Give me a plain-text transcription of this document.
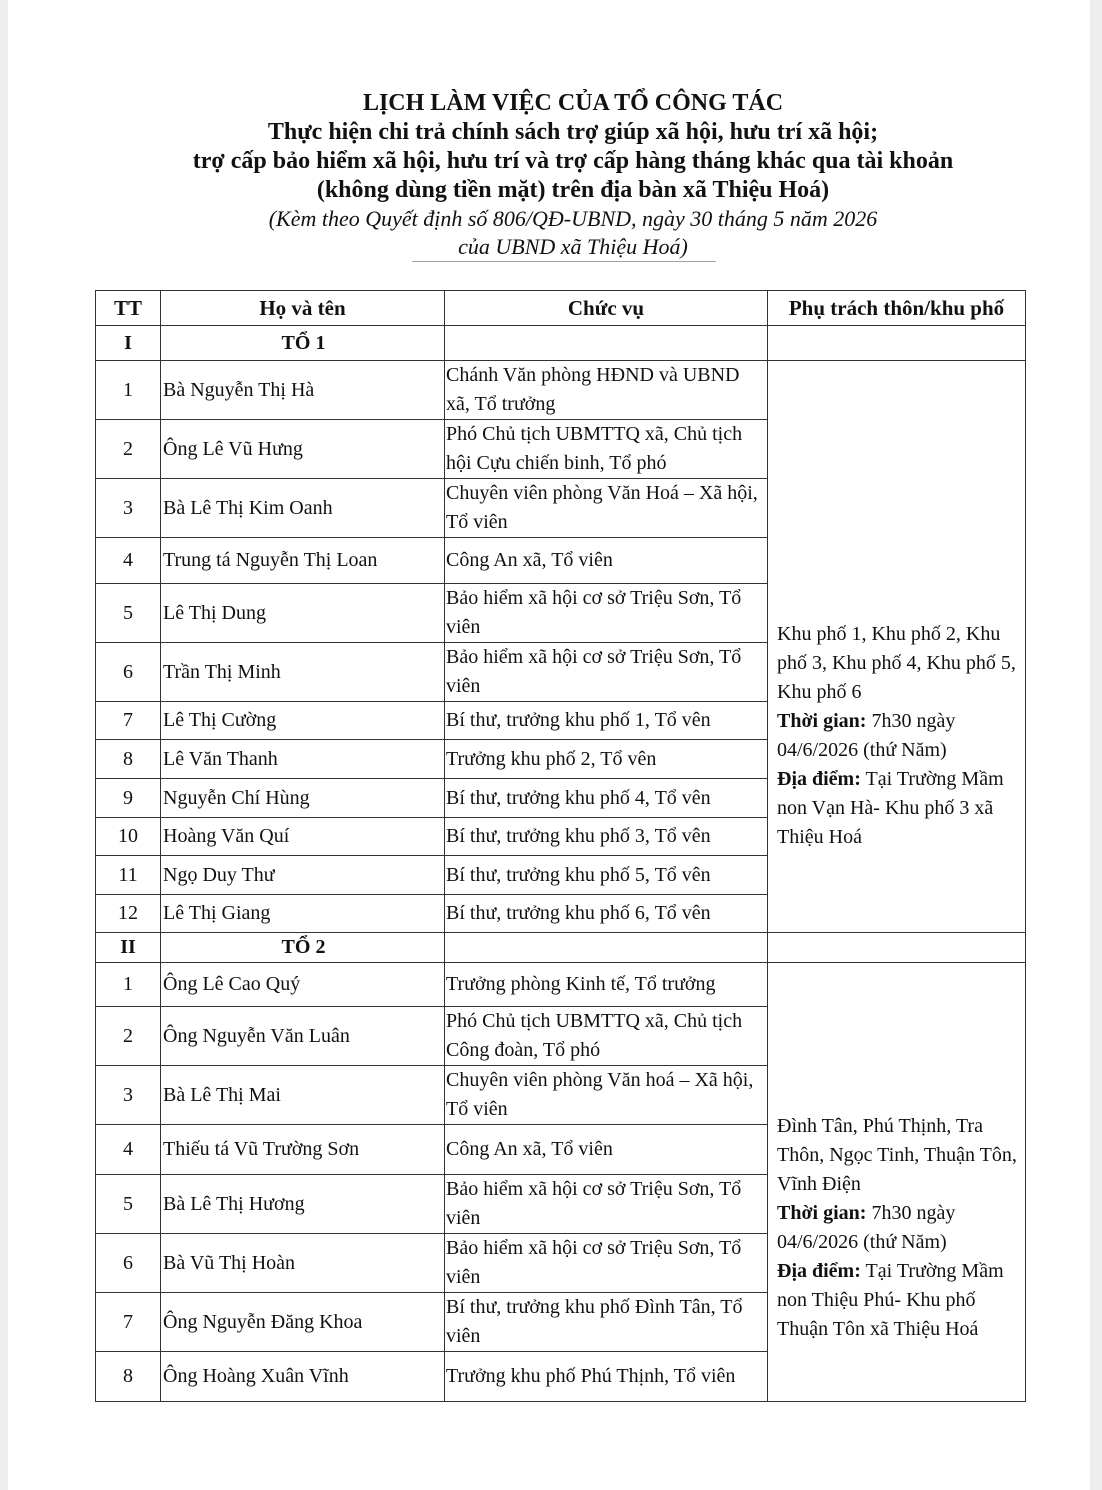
LỊCH LÀM VIỆC CỦA TỔ CÔNG TÁC
Thực hiện chi trả chính sách trợ giúp xã hội, hưu trí xã hội;
trợ cấp bảo hiểm xã hội, hưu trí và trợ cấp hàng tháng khác qua tài khoản
(không dùng tiền mặt) trên địa bàn xã Thiệu Hoá)
(Kèm theo Quyết định số 806/QĐ-UBND, ngày 30 tháng 5 năm 2026
của UBND xã Thiệu Hoá)
TT	Họ và tên	Chức vụ	Phụ trách thôn/khu phố
I	TỔ 1		
1	Bà Nguyễn Thị Hà	Chánh Văn phòng HĐND và UBND xã, Tổ trưởng	Khu phố 1, Khu phố 2, Khu phố 3, Khu phố 4, Khu phố 5, Khu phố 6
Thời gian: 7h30 ngày 04/6/2026 (thứ Năm)
Địa điểm: Tại Trường Mầm non Vạn Hà- Khu phố 3 xã Thiệu Hoá

2	Ông Lê Vũ Hưng	Phó Chủ tịch UBMTTQ xã, Chủ tịch hội Cựu chiến binh, Tổ phó	
3	Bà Lê Thị Kim Oanh	Chuyên viên phòng Văn Hoá – Xã hội, Tổ viên	
4	Trung tá Nguyễn Thị Loan	Công An xã, Tổ viên	
5	Lê Thị Dung	Bảo hiểm xã hội cơ sở Triệu Sơn, Tổ viên	
6	Trần Thị Minh	Bảo hiểm xã hội cơ sở Triệu Sơn, Tổ viên	
7	Lê Thị Cường	Bí thư, trưởng khu phố 1, Tổ vên	
8	Lê Văn Thanh	Trưởng khu phố 2, Tổ vên	
9	Nguyễn Chí Hùng	Bí thư, trưởng khu phố 4, Tổ vên	
10	Hoàng Văn Quí	Bí thư, trưởng khu phố 3, Tổ vên	
11	Ngọ Duy Thư	Bí thư, trưởng khu phố 5, Tổ vên	
12	Lê Thị Giang	Bí thư, trưởng khu phố 6, Tổ vên	
II	TỔ 2		
1	Ông Lê Cao Quý	Trưởng phòng Kinh tế, Tổ trưởng	Đình Tân, Phú Thịnh, Tra Thôn, Ngọc Tinh, Thuận Tôn, Vĩnh Điện
Thời gian: 7h30 ngày 04/6/2026 (thứ Năm)
Địa điểm: Tại Trường Mầm non Thiệu Phú- Khu phố Thuận Tôn xã Thiệu Hoá

2	Ông Nguyễn Văn Luân	Phó Chủ tịch UBMTTQ xã, Chủ tịch Công đoàn, Tổ phó	
3	Bà Lê Thị Mai	Chuyên viên phòng Văn hoá – Xã hội, Tổ viên	
4	Thiếu tá Vũ Trường Sơn	Công An xã, Tổ viên	
5	Bà Lê Thị Hương	Bảo hiểm xã hội cơ sở Triệu Sơn, Tổ viên	
6	Bà Vũ Thị Hoàn	Bảo hiểm xã hội cơ sở Triệu Sơn, Tổ viên	
7	Ông Nguyễn Đăng Khoa	Bí thư, trưởng khu phố Đình Tân, Tổ viên	
8	Ông Hoàng Xuân Vĩnh	Trưởng khu phố Phú Thịnh, Tổ viên	
